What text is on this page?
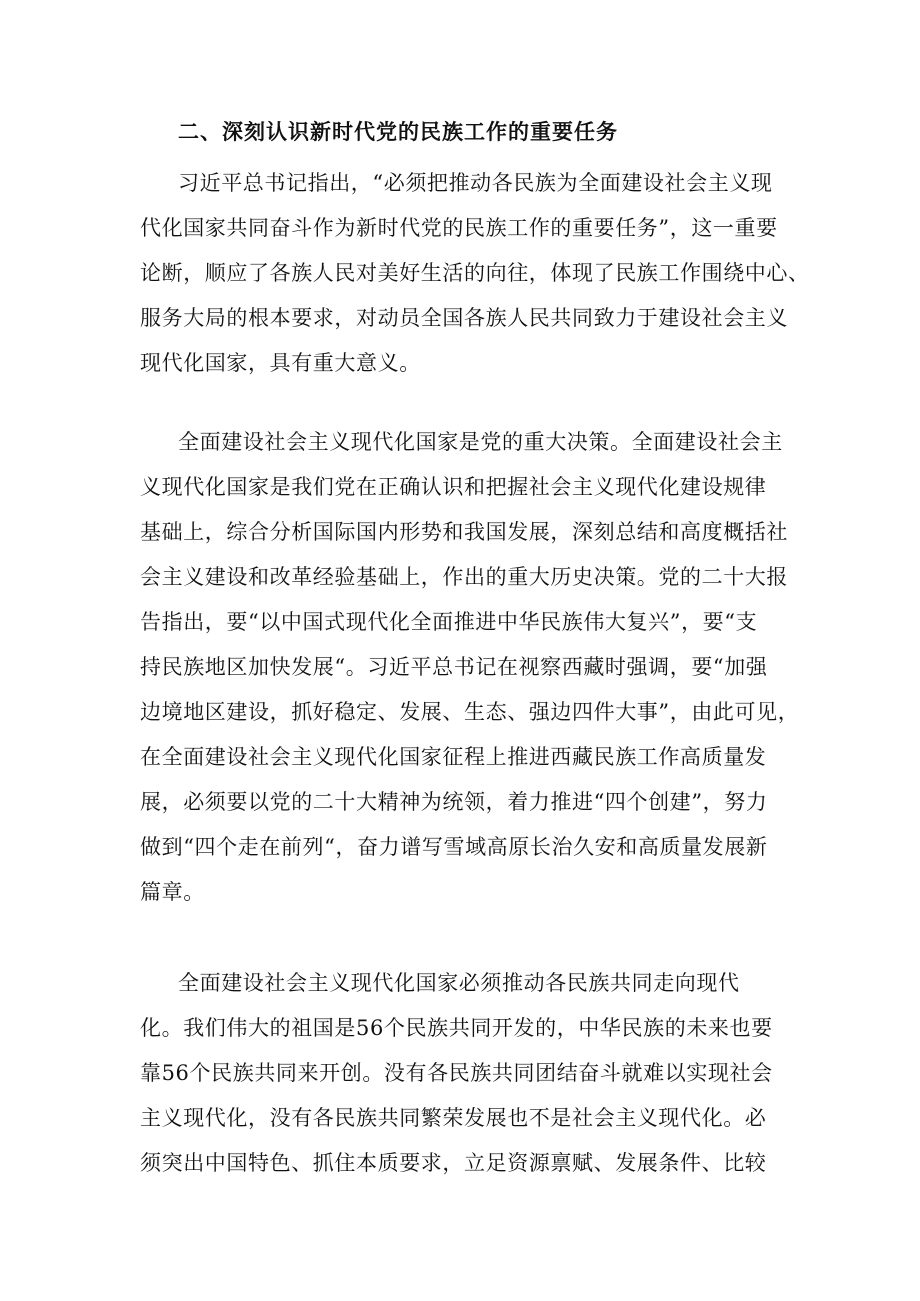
二、深刻认识新时代党的民族工作的重要任务
习近平总书记指出，“必须把推动各民族为全面建设社会主义现
代化国家共同奋斗作为新时代党的民族工作的重要任务”，这一重要
论断，顺应了各族人民对美好生活的向往，体现了民族工作围绕中心、
服务大局的根本要求，对动员全国各族人民共同致力于建设社会主义
现代化国家，具有重大意义。
全面建设社会主义现代化国家是党的重大决策。全面建设社会主
义现代化国家是我们党在正确认识和把握社会主义现代化建设规律
基础上，综合分析国际国内形势和我国发展，深刻总结和高度概括社
会主义建设和改革经验基础上，作出的重大历史决策。党的二十大报
告指出，要“以中国式现代化全面推进中华民族伟大复兴”，要“支
持民族地区加快发展“。习近平总书记在视察西藏时强调，要“加强
边境地区建设，抓好稳定、发展、生态、强边四件大事”，由此可见，
在全面建设社会主义现代化国家征程上推进西藏民族工作高质量发
展，必须要以党的二十大精神为统领，着力推进“四个创建”，努力
做到“四个走在前列“，奋力谱写雪域高原长治久安和高质量发展新
篇章。
全面建设社会主义现代化国家必须推动各民族共同走向现代
化。我们伟大的祖国是56个民族共同开发的，中华民族的未来也要
靠56个民族共同来开创。没有各民族共同团结奋斗就难以实现社会
主义现代化，没有各民族共同繁荣发展也不是社会主义现代化。必
须突出中国特色、抓住本质要求，立足资源禀赋、发展条件、比较
